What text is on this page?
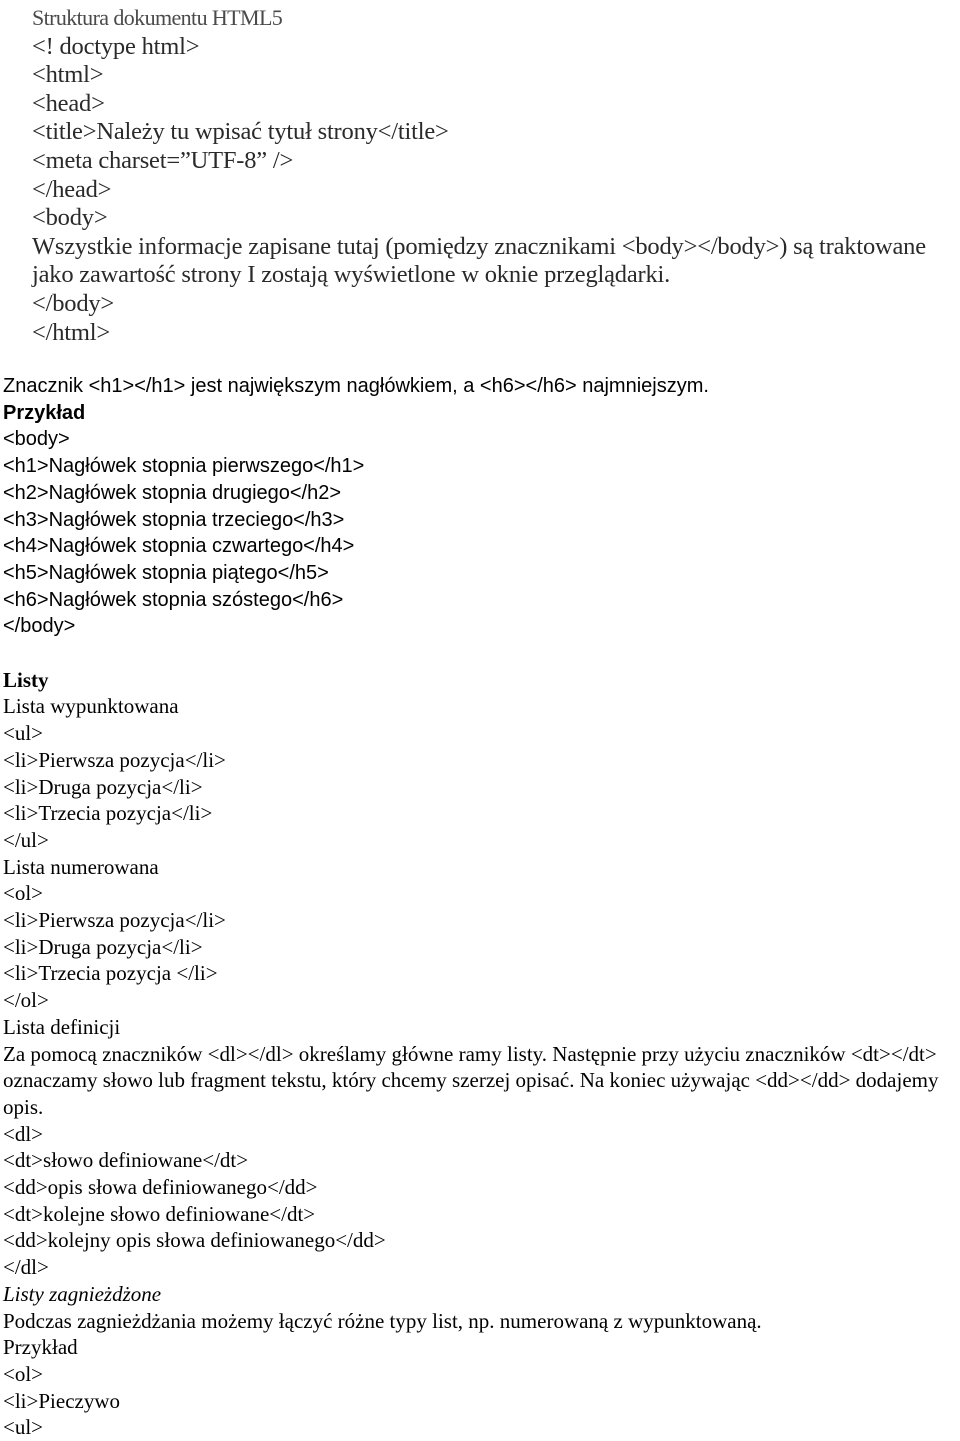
Struktura dokumentu HTML5
<! doctype html>
<html>
<head>
<title>Należy tu wpisać tytuł strony</title>
<meta charset=”UTF-8” />
</head>
<body>
Wszystkie informacje zapisane tutaj (pomiędzy znacznikami <body></body>) są traktowane jako zawartość strony I zostają wyświetlone w oknie przeglądarki.
</body>
</html>
Znacznik <h1></h1> jest największym nagłówkiem, a <h6></h6> najmniejszym.
Przykład
<body>
<h1>Nagłówek stopnia pierwszego</h1>
<h2>Nagłówek stopnia drugiego</h2>
<h3>Nagłówek stopnia trzeciego</h3>
<h4>Nagłówek stopnia czwartego</h4>
<h5>Nagłówek stopnia piątego</h5>
<h6>Nagłówek stopnia szóstego</h6>
</body>
Listy
Lista wypunktowana
<ul>
<li>Pierwsza pozycja</li>
<li>Druga pozycja</li>
<li>Trzecia pozycja</li>
</ul>
Lista numerowana
<ol>
<li>Pierwsza pozycja</li>
<li>Druga pozycja</li>
<li>Trzecia pozycja </li>
</ol>
Lista definicji
Za pomocą znaczników <dl></dl> określamy główne ramy listy. Następnie przy użyciu znaczników <dt></dt> oznaczamy słowo lub fragment tekstu, który chcemy szerzej opisać. Na koniec używając <dd></dd> dodajemy opis.
<dl>
<dt>słowo definiowane</dt>
<dd>opis słowa definiowanego</dd>
<dt>kolejne słowo definiowane</dt>
<dd>kolejny opis słowa definiowanego</dd>
</dl>
Listy zagnieżdżone
Podczas zagnieżdżania możemy łączyć różne typy list, np. numerowaną z wypunktowaną.
Przykład
<ol>
<li>Pieczywo
<ul>
